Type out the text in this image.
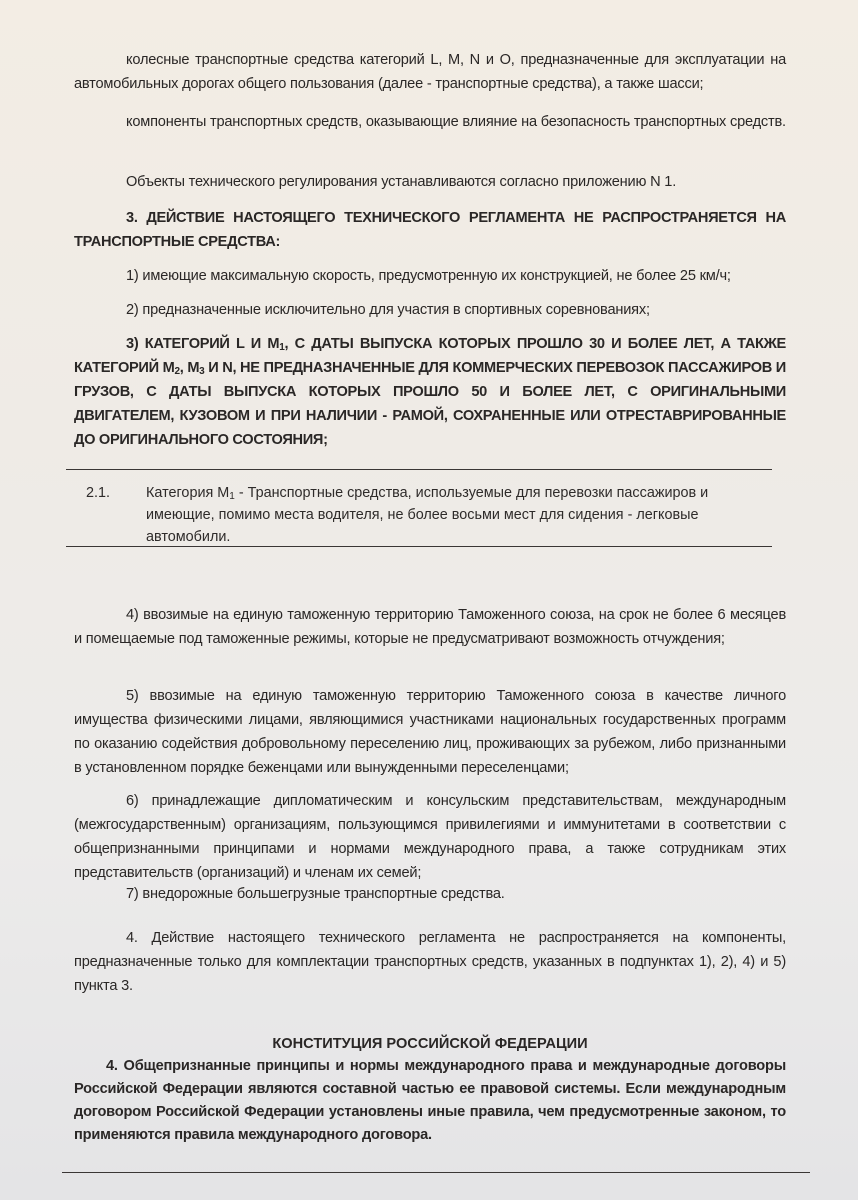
колесные транспортные средства категорий L, M, N и O, предназначенные для эксплуатации на автомобильных дорогах общего пользования (далее - транспортные средства), а также шасси;
компоненты транспортных средств, оказывающие влияние на безопасность транспортных средств.
Объекты технического регулирования устанавливаются согласно приложению N 1.
3. ДЕЙСТВИЕ НАСТОЯЩЕГО ТЕХНИЧЕСКОГО РЕГЛАМЕНТА НЕ РАСПРОСТРАНЯЕТСЯ НА ТРАНСПОРТНЫЕ СРЕДСТВА:
1) имеющие максимальную скорость, предусмотренную их конструкцией, не более 25 км/ч;
2) предназначенные исключительно для участия в спортивных соревнованиях;
3) КАТЕГОРИЙ L И $M_1$, С ДАТЫ ВЫПУСКА КОТОРЫХ ПРОШЛО 30 И БОЛЕЕ ЛЕТ, А ТАКЖЕ КАТЕГОРИЙ $M_2$, $M_3$ И N, НЕ ПРЕДНАЗНАЧЕННЫЕ ДЛЯ КОММЕРЧЕСКИХ ПЕРЕВОЗОК ПАССАЖИРОВ И ГРУЗОВ, С ДАТЫ ВЫПУСКА КОТОРЫХ ПРОШЛО 50 И БОЛЕЕ ЛЕТ, С ОРИГИНАЛЬНЫМИ ДВИГАТЕЛЕМ, КУЗОВОМ И ПРИ НАЛИЧИИ - РАМОЙ, СОХРАНЕННЫЕ ИЛИ ОТРЕСТАВРИРОВАННЫЕ ДО ОРИГИНАЛЬНОГО СОСТОЯНИЯ;
2.1. Категория $M_1$ - Транспортные средства, используемые для перевозки пассажиров и имеющие, помимо места водителя, не более восьми мест для сидения - легковые автомобили.
4) ввозимые на единую таможенную территорию Таможенного союза, на срок не более 6 месяцев и помещаемые под таможенные режимы, которые не предусматривают возможность отчуждения;
5) ввозимые на единую таможенную территорию Таможенного союза в качестве личного имущества физическими лицами, являющимися участниками национальных государственных программ по оказанию содействия добровольному переселению лиц, проживающих за рубежом, либо признанными в установленном порядке беженцами или вынужденными переселенцами;
6) принадлежащие дипломатическим и консульским представительствам, международным (межгосударственным) организациям, пользующимся привилегиями и иммунитетами в соответствии с общепризнанными принципами и нормами международного права, а также сотрудникам этих представительств (организаций) и членам их семей;
7) внедорожные большегрузные транспортные средства.
4. Действие настоящего технического регламента не распространяется на компоненты, предназначенные только для комплектации транспортных средств, указанных в подпунктах 1), 2), 4) и 5) пункта 3.
КОНСТИТУЦИЯ РОССИЙСКОЙ ФЕДЕРАЦИИ
4. Общепризнанные принципы и нормы международного права и международные договоры Российской Федерации являются составной частью ее правовой системы. Если международным договором Российской Федерации установлены иные правила, чем предусмотренные законом, то применяются правила международного договора.
